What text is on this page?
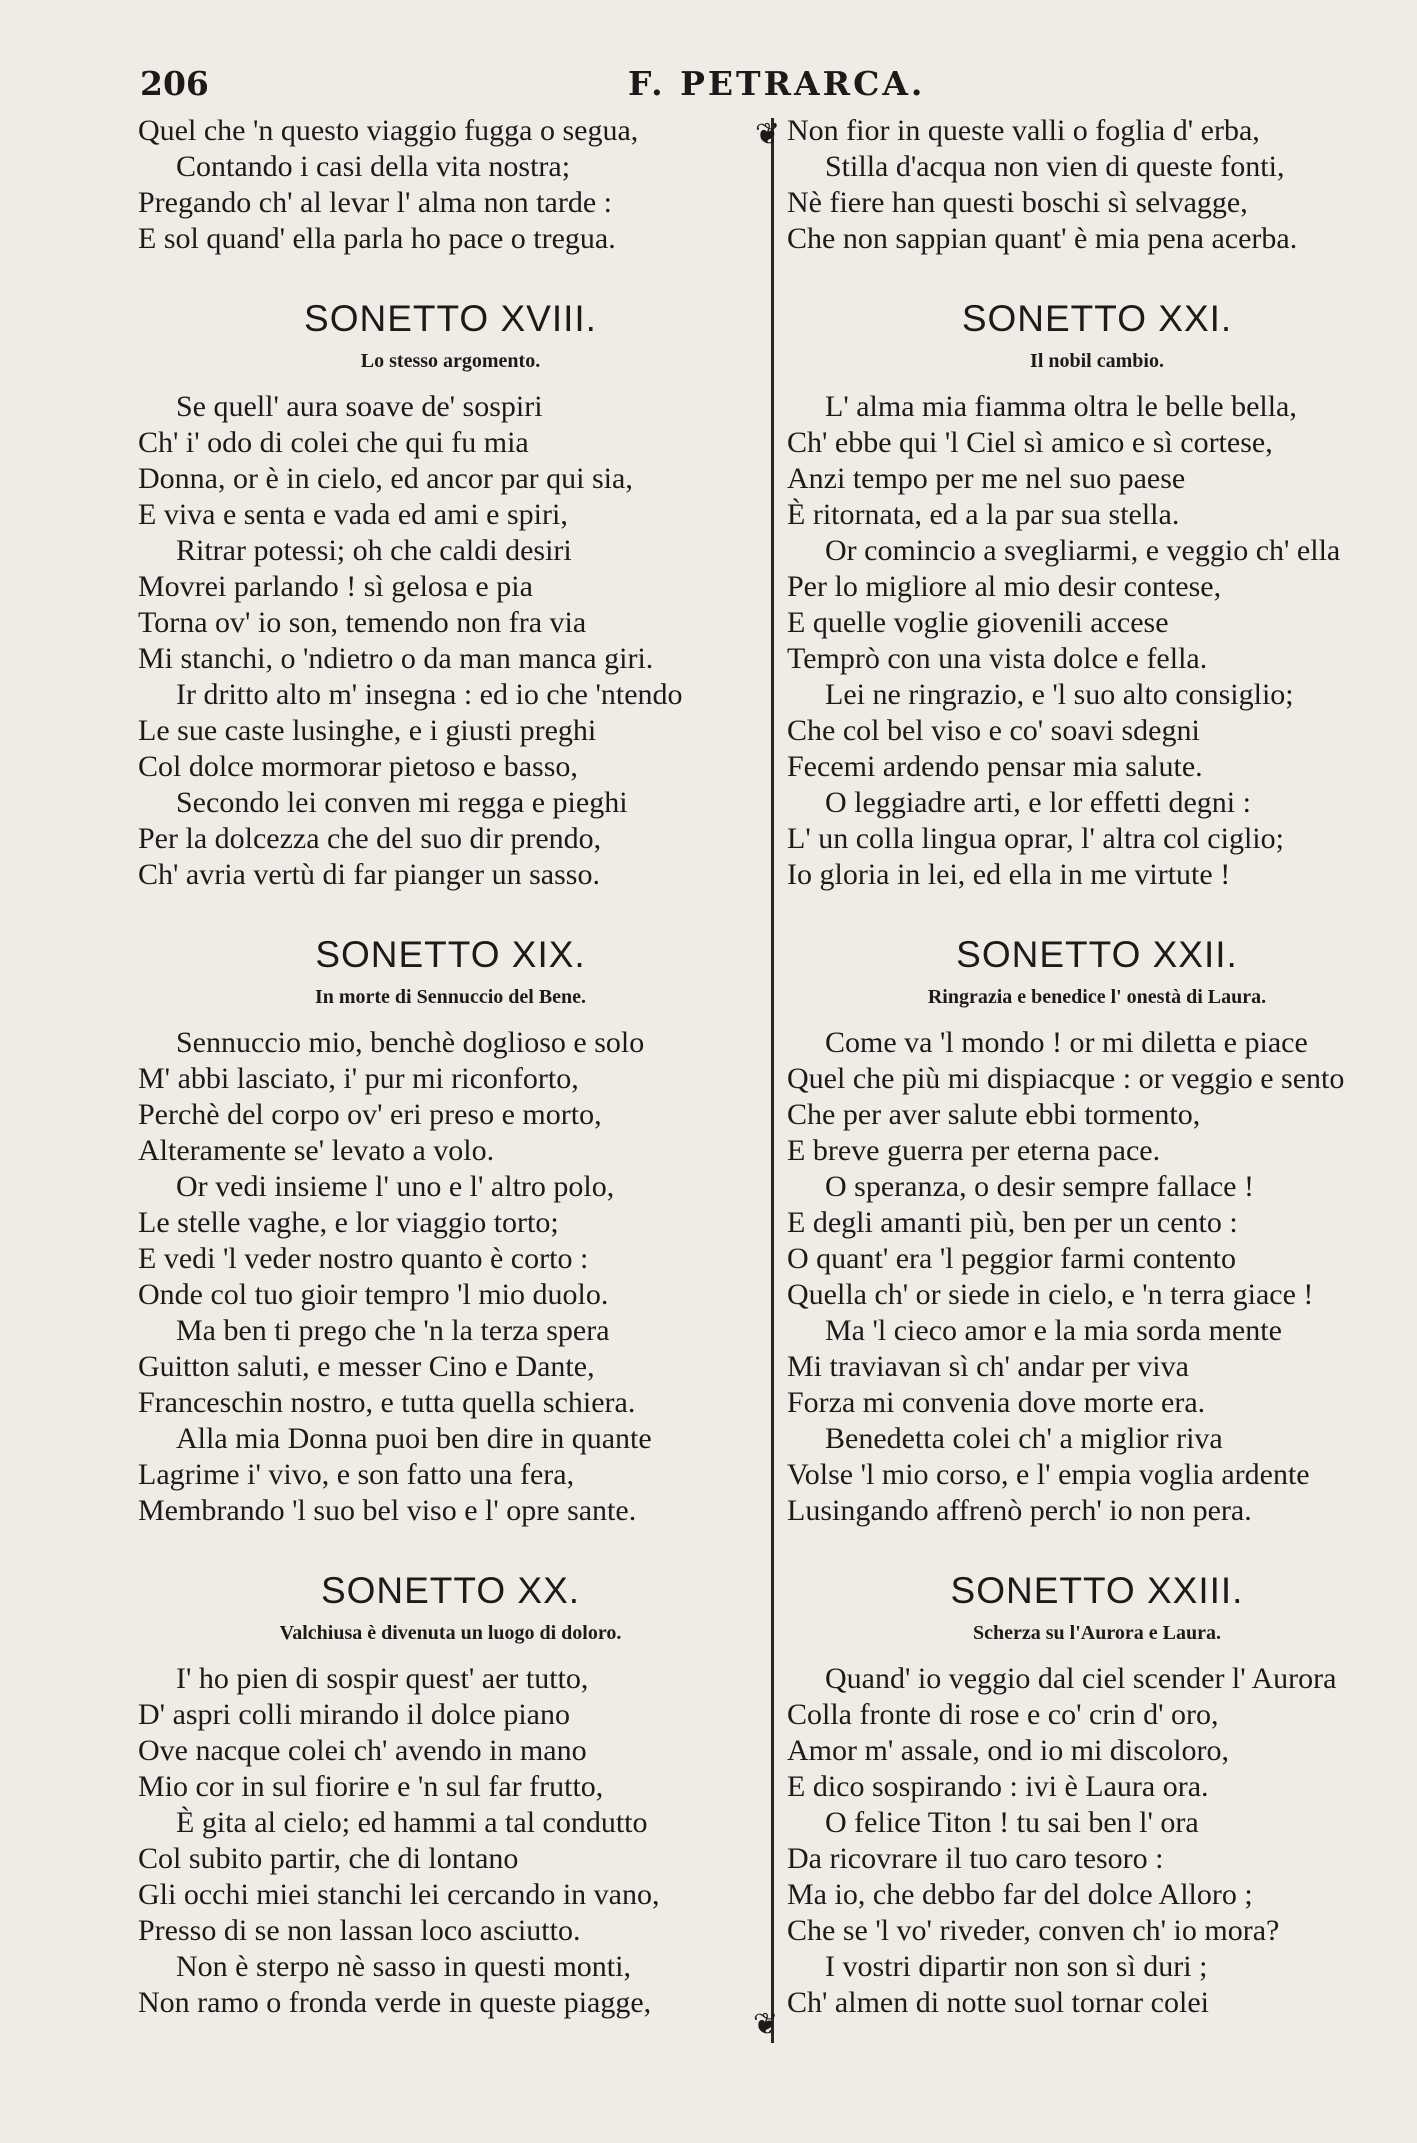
206	F. PETRARCA.
❦
❦
Quel che 'n questo viaggio fugga o segua,
Contando i casi della vita nostra;
Pregando ch' al levar l' alma non tarde :
E sol quand' ella parla ho pace o tregua.
SONETTO XVIII.
Lo stesso argomento.
Se quell' aura soave de' sospiri
Ch' i' odo di colei che qui fu mia
Donna, or è in cielo, ed ancor par qui sia,
E viva e senta e vada ed ami e spiri,
Ritrar potessi; oh che caldi desiri
Movrei parlando ! sì gelosa e pia
Torna ov' io son, temendo non fra via
Mi stanchi, o 'ndietro o da man manca giri.
Ir dritto alto m' insegna : ed io che 'ntendo
Le sue caste lusinghe, e i giusti preghi
Col dolce mormorar pietoso e basso,
Secondo lei conven mi regga e pieghi
Per la dolcezza che del suo dir prendo,
Ch' avria vertù di far pianger un sasso.
SONETTO XIX.
In morte di Sennuccio del Bene.
Sennuccio mio, benchè doglioso e solo
M' abbi lasciato, i' pur mi riconforto,
Perchè del corpo ov' eri preso e morto,
Alteramente se' levato a volo.
Or vedi insieme l' uno e l' altro polo,
Le stelle vaghe, e lor viaggio torto;
E vedi 'l veder nostro quanto è corto :
Onde col tuo gioir tempro 'l mio duolo.
Ma ben ti prego che 'n la terza spera
Guitton saluti, e messer Cino e Dante,
Franceschin nostro, e tutta quella schiera.
Alla mia Donna puoi ben dire in quante
Lagrime i' vivo, e son fatto una fera,
Membrando 'l suo bel viso e l' opre sante.
SONETTO XX.
Valchiusa è divenuta un luogo di doloro.
I' ho pien di sospir quest' aer tutto,
D' aspri colli mirando il dolce piano
Ove nacque colei ch' avendo in mano
Mio cor in sul fiorire e 'n sul far frutto,
È gita al cielo; ed hammi a tal condutto
Col subito partir, che di lontano
Gli occhi miei stanchi lei cercando in vano,
Presso di se non lassan loco asciutto.
Non è sterpo nè sasso in questi monti,
Non ramo o fronda verde in queste piagge,
Non fior in queste valli o foglia d' erba,
Stilla d'acqua non vien di queste fonti,
Nè fiere han questi boschi sì selvagge,
Che non sappian quant' è mia pena acerba.
SONETTO XXI.
Il nobil cambio.
L' alma mia fiamma oltra le belle bella,
Ch' ebbe qui 'l Ciel sì amico e sì cortese,
Anzi tempo per me nel suo paese
È ritornata, ed a la par sua stella.
Or comincio a svegliarmi, e veggio ch' ella
Per lo migliore al mio desir contese,
E quelle voglie giovenili accese
Temprò con una vista dolce e fella.
Lei ne ringrazio, e 'l suo alto consiglio;
Che col bel viso e co' soavi sdegni
Fecemi ardendo pensar mia salute.
O leggiadre arti, e lor effetti degni :
L' un colla lingua oprar, l' altra col ciglio;
Io gloria in lei, ed ella in me virtute !
SONETTO XXII.
Ringrazia e benedice l' onestà di Laura.
Come va 'l mondo ! or mi diletta e piace
Quel che più mi dispiacque : or veggio e sento
Che per aver salute ebbi tormento,
E breve guerra per eterna pace.
O speranza, o desir sempre fallace !
E degli amanti più, ben per un cento :
O quant' era 'l peggior farmi contento
Quella ch' or siede in cielo, e 'n terra giace !
Ma 'l cieco amor e la mia sorda mente
Mi traviavan sì ch' andar per viva
Forza mi convenia dove morte era.
Benedetta colei ch' a miglior riva
Volse 'l mio corso, e l' empia voglia ardente
Lusingando affrenò perch' io non pera.
SONETTO XXIII.
Scherza su l'Aurora e Laura.
Quand' io veggio dal ciel scender l' Aurora
Colla fronte di rose e co' crin d' oro,
Amor m' assale, ond io mi discoloro,
E dico sospirando : ivi è Laura ora.
O felice Titon ! tu sai ben l' ora
Da ricovrare il tuo caro tesoro :
Ma io, che debbo far del dolce Alloro ;
Che se 'l vo' riveder, conven ch' io mora?
I vostri dipartir non son sì duri ;
Ch' almen di notte suol tornar colei
